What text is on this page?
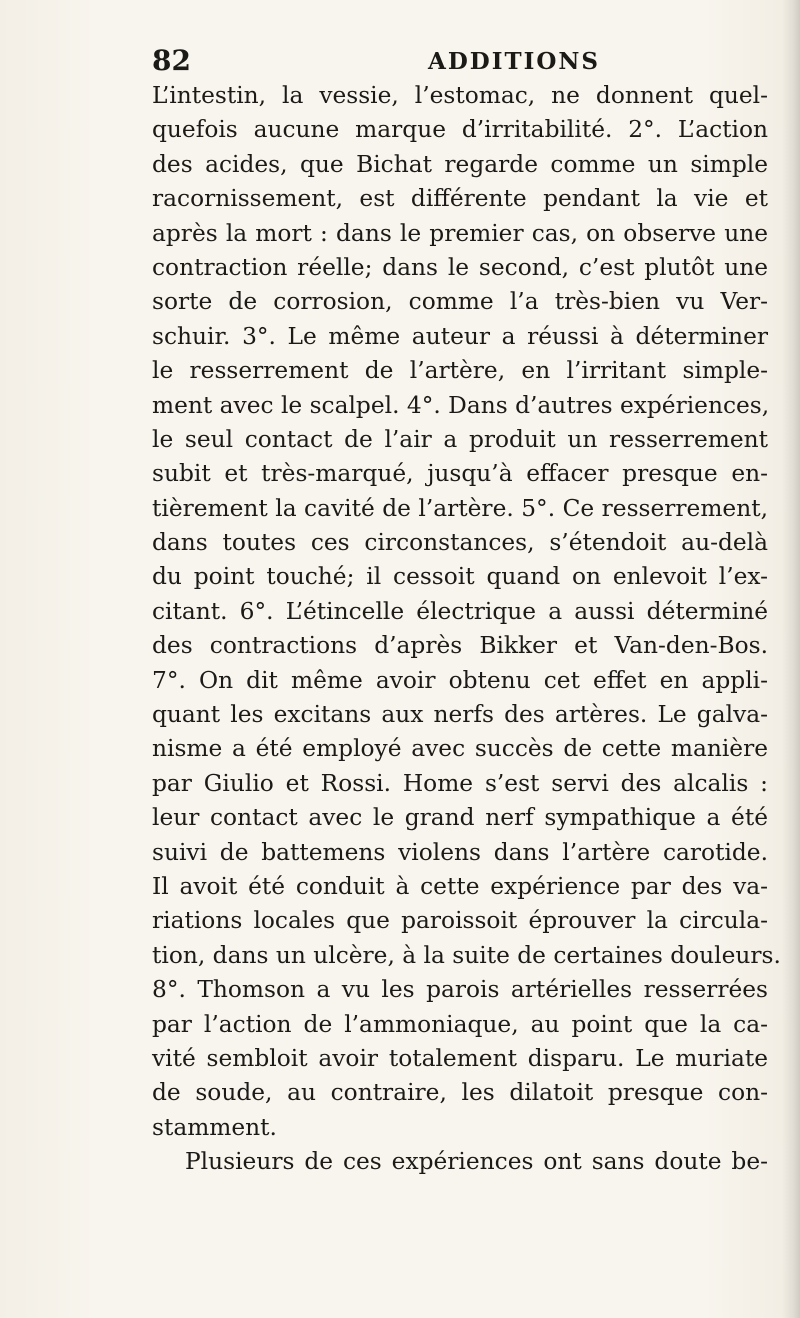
82	ADDITIONS
L’intestin, la vessie, l’estomac, ne donnent quel-
quefois aucune marque d’irritabilité. 2°. L’action
des acides, que Bichat regarde comme un simple
racornissement, est différente pendant la vie et
après la mort : dans le premier cas, on observe une
contraction réelle; dans le second, c’est plutôt une
sorte de corrosion, comme l’a très-bien vu Ver-
schuir. 3°. Le même auteur a réussi à déterminer
le resserrement de l’artère, en l’irritant simple-
ment avec le scalpel. 4°. Dans d’autres expériences,
le seul contact de l’air a produit un resserrement
subit et très-marqué, jusqu’à effacer presque en-
tièrement la cavité de l’artère. 5°. Ce resserrement,
dans toutes ces circonstances, s’étendoit au-delà
du point touché; il cessoit quand on enlevoit l’ex-
citant. 6°. L’étincelle électrique a aussi déterminé
des contractions d’après Bikker et Van-den-Bos.
7°. On dit même avoir obtenu cet effet en appli-
quant les excitans aux nerfs des artères. Le galva-
nisme a été employé avec succès de cette manière
par Giulio et Rossi. Home s’est servi des alcalis :
leur contact avec le grand nerf sympathique a été
suivi de battemens violens dans l’artère carotide.
Il avoit été conduit à cette expérience par des va-
riations locales que paroissoit éprouver la circula-
tion, dans un ulcère, à la suite de certaines douleurs.
8°. Thomson a vu les parois artérielles resserrées
par l’action de l’ammoniaque, au point que la ca-
vité sembloit avoir totalement disparu. Le muriate
de soude, au contraire, les dilatoit presque con-
stamment.
Plusieurs de ces expériences ont sans doute be-
